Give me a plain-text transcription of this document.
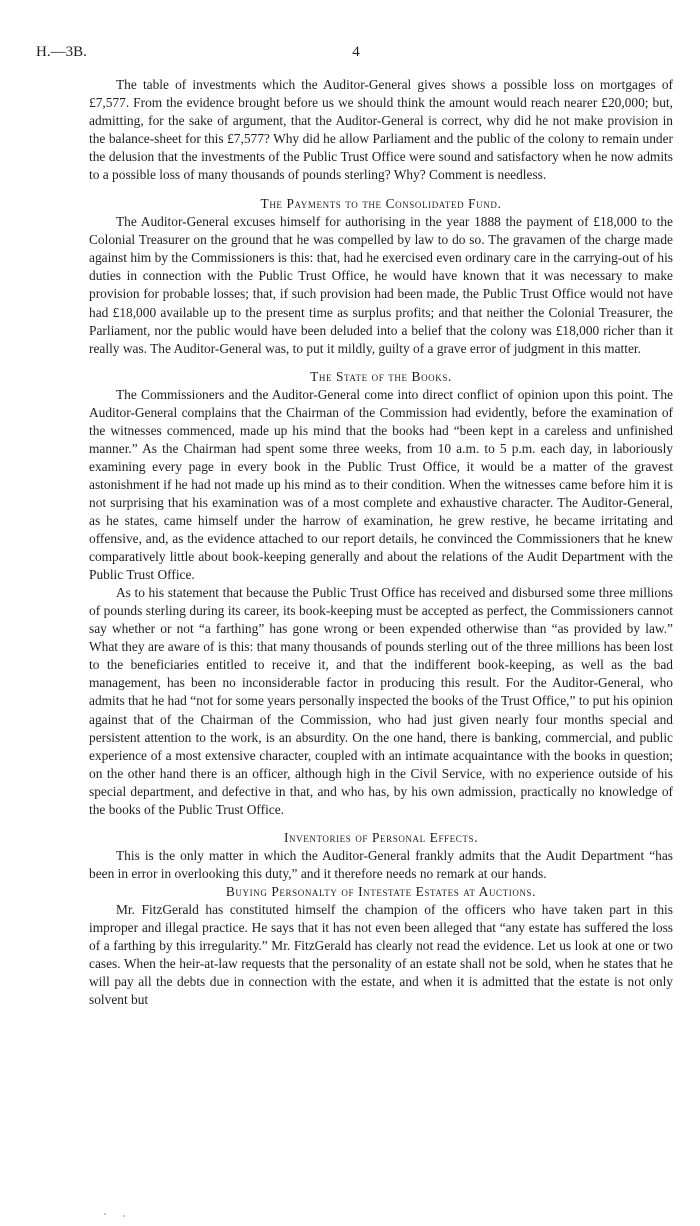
H.—3B.	4

The table of investments which the Auditor-General gives shows a possible loss on mortgages of £7,577. From the evidence brought before us we should think the amount would reach nearer £20,000; but, admitting, for the sake of argument, that the Auditor-General is correct, why did he not make provision in the balance-sheet for this £7,577? Why did he allow Parliament and the public of the colony to remain under the delusion that the investments of the Public Trust Office were sound and satisfactory when he now admits to a possible loss of many thousands of pounds sterling? Why? Comment is needless.

The Payments to the Consolidated Fund.

The Auditor-General excuses himself for authorising in the year 1888 the payment of £18,000 to the Colonial Treasurer on the ground that he was compelled by law to do so. The gravamen of the charge made against him by the Commissioners is this: that, had he exercised even ordinary care in the carrying-out of his duties in connection with the Public Trust Office, he would have known that it was necessary to make provision for probable losses; that, if such provision had been made, the Public Trust Office would not have had £18,000 available up to the present time as surplus profits; and that neither the Colonial Treasurer, the Parliament, nor the public would have been deluded into a belief that the colony was £18,000 richer than it really was. The Auditor-General was, to put it mildly, guilty of a grave error of judgment in this matter.

The State of the Books.

The Commissioners and the Auditor-General come into direct conflict of opinion upon this point. The Auditor-General complains that the Chairman of the Commission had evidently, before the examination of the witnesses commenced, made up his mind that the books had “been kept in a careless and unfinished manner.” As the Chairman had spent some three weeks, from 10 a.m. to 5 p.m. each day, in laboriously examining every page in every book in the Public Trust Office, it would be a matter of the gravest astonishment if he had not made up his mind as to their condition. When the witnesses came before him it is not surprising that his examination was of a most complete and exhaustive character. The Auditor-General, as he states, came himself under the harrow of examination, he grew restive, he became irritating and offensive, and, as the evidence attached to our report details, he convinced the Commissioners that he knew comparatively little about book-keeping generally and about the relations of the Audit Department with the Public Trust Office.

As to his statement that because the Public Trust Office has received and disbursed some three millions of pounds sterling during its career, its book-keeping must be accepted as perfect, the Commissioners cannot say whether or not “a farthing” has gone wrong or been expended otherwise than “as provided by law.” What they are aware of is this: that many thousands of pounds sterling out of the three millions has been lost to the beneficiaries entitled to receive it, and that the indifferent book-keeping, as well as the bad management, has been no inconsiderable factor in producing this result. For the Auditor-General, who admits that he had “not for some years personally inspected the books of the Trust Office,” to put his opinion against that of the Chairman of the Commission, who had just given nearly four months special and persistent attention to the work, is an absurdity. On the one hand, there is banking, commercial, and public experience of a most extensive character, coupled with an intimate acquaintance with the books in question; on the other hand there is an officer, although high in the Civil Service, with no experience outside of his special department, and defective in that, and who has, by his own admission, practically no knowledge of the books of the Public Trust Office.

Inventories of Personal Effects.

This is the only matter in which the Auditor-General frankly admits that the Audit Department “has been in error in overlooking this duty,” and it therefore needs no remark at our hands.

Buying Personalty of Intestate Estates at Auctions.

Mr. FitzGerald has constituted himself the champion of the officers who have taken part in this improper and illegal practice. He says that it has not even been alleged that “any estate has suffered the loss of a farthing by this irregularity.” Mr. FitzGerald has clearly not read the evidence. Let us look at one or two cases. When the heir-at-law requests that the personality of an estate shall not be sold, when he states that he will pay all the debts due in connection with the estate, and when it is admitted that the estate is not only solvent but
